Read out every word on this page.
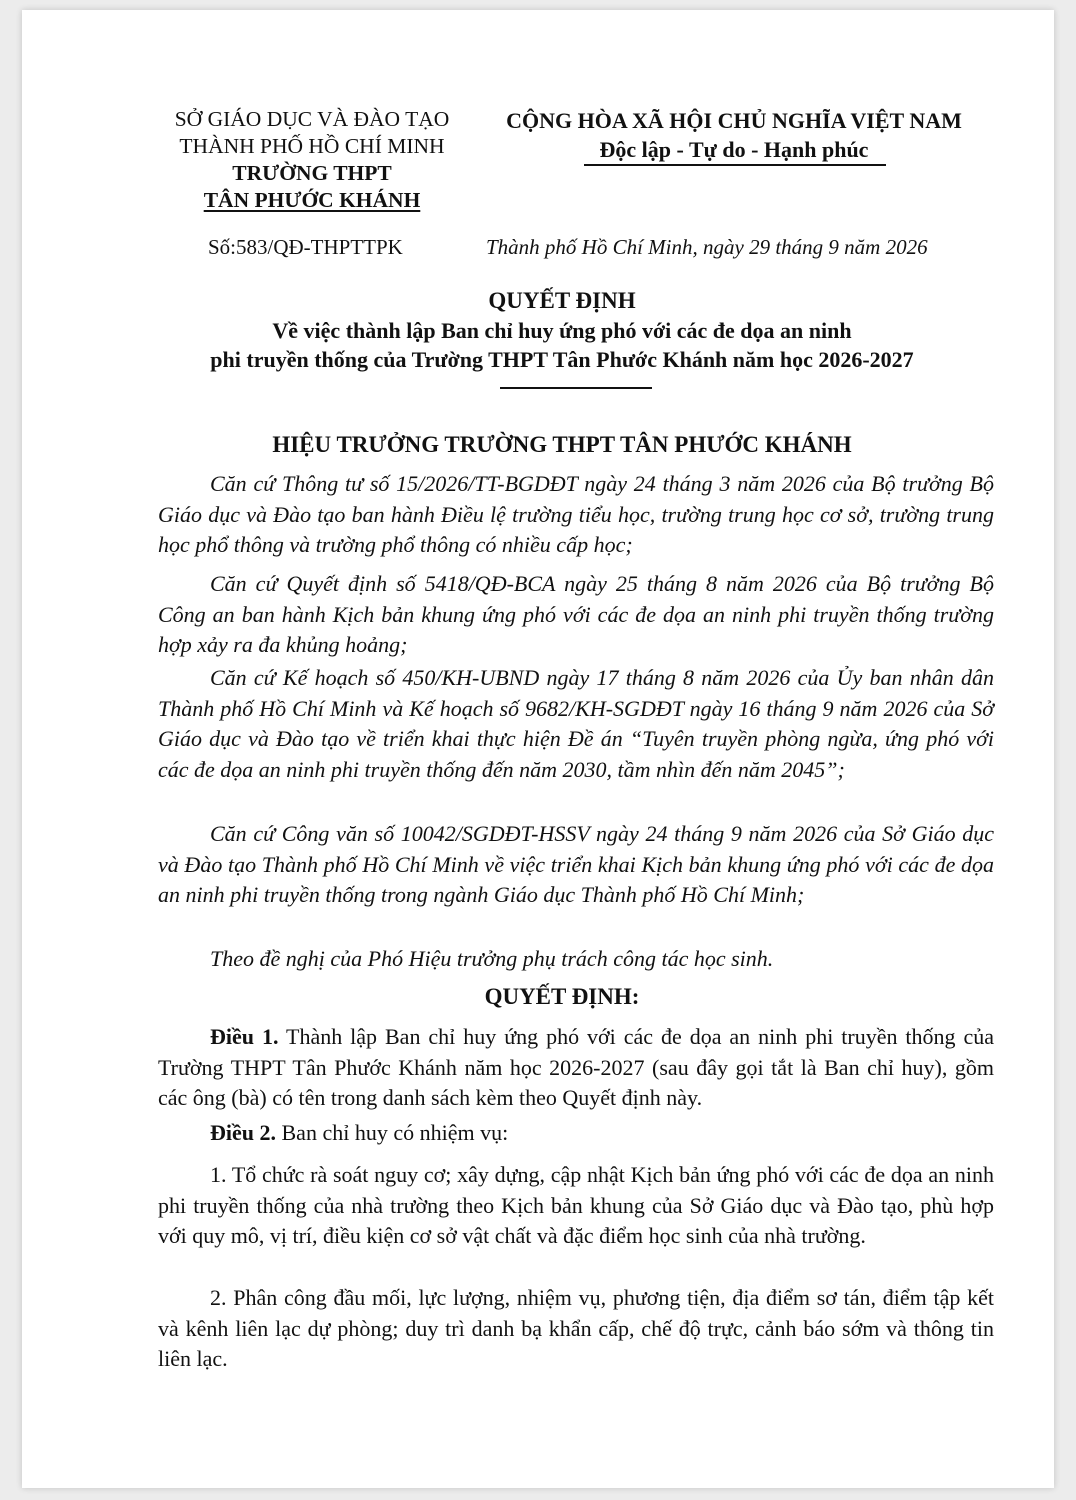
SỞ GIÁO DỤC VÀ ĐÀO TẠO
THÀNH PHỐ HỒ CHÍ MINH
TRƯỜNG THPT
TÂN PHƯỚC KHÁNH
CỘNG HÒA XÃ HỘI CHỦ NGHĨA VIỆT NAM
Độc lập - Tự do - Hạnh phúc
Số:583/QĐ-THPTTPK	Thành phố Hồ Chí Minh, ngày 29 tháng 9 năm 2026
QUYẾT ĐỊNH
Về việc thành lập Ban chỉ huy ứng phó với các đe dọa an ninh
phi truyền thống của Trường THPT Tân Phước Khánh năm học 2026-2027
HIỆU TRƯỞNG TRƯỜNG THPT TÂN PHƯỚC KHÁNH
Căn cứ Thông tư số 15/2026/TT-BGDĐT ngày 24 tháng 3 năm 2026 của Bộ trưởng Bộ Giáo dục và Đào tạo ban hành Điều lệ trường tiểu học, trường trung học cơ sở, trường trung học phổ thông và trường phổ thông có nhiều cấp học;
Căn cứ Quyết định số 5418/QĐ-BCA ngày 25 tháng 8 năm 2026 của Bộ trưởng Bộ Công an ban hành Kịch bản khung ứng phó với các đe dọa an ninh phi truyền thống trường hợp xảy ra đa khủng hoảng;
Căn cứ Kế hoạch số 450/KH-UBND ngày 17 tháng 8 năm 2026 của Ủy ban nhân dân Thành phố Hồ Chí Minh và Kế hoạch số 9682/KH-SGDĐT ngày 16 tháng 9 năm 2026 của Sở Giáo dục và Đào tạo về triển khai thực hiện Đề án “Tuyên truyền phòng ngừa, ứng phó với các đe dọa an ninh phi truyền thống đến năm 2030, tầm nhìn đến năm 2045”;
Căn cứ Công văn số 10042/SGDĐT-HSSV ngày 24 tháng 9 năm 2026 của Sở Giáo dục và Đào tạo Thành phố Hồ Chí Minh về việc triển khai Kịch bản khung ứng phó với các đe dọa an ninh phi truyền thống trong ngành Giáo dục Thành phố Hồ Chí Minh;
Theo đề nghị của Phó Hiệu trưởng phụ trách công tác học sinh.
QUYẾT ĐỊNH:
Điều 1. Thành lập Ban chỉ huy ứng phó với các đe dọa an ninh phi truyền thống của Trường THPT Tân Phước Khánh năm học 2026-2027 (sau đây gọi tắt là Ban chỉ huy), gồm các ông (bà) có tên trong danh sách kèm theo Quyết định này.
Điều 2. Ban chỉ huy có nhiệm vụ:
1. Tổ chức rà soát nguy cơ; xây dựng, cập nhật Kịch bản ứng phó với các đe dọa an ninh phi truyền thống của nhà trường theo Kịch bản khung của Sở Giáo dục và Đào tạo, phù hợp với quy mô, vị trí, điều kiện cơ sở vật chất và đặc điểm học sinh của nhà trường.
2. Phân công đầu mối, lực lượng, nhiệm vụ, phương tiện, địa điểm sơ tán, điểm tập kết và kênh liên lạc dự phòng; duy trì danh bạ khẩn cấp, chế độ trực, cảnh báo sớm và thông tin liên lạc.
